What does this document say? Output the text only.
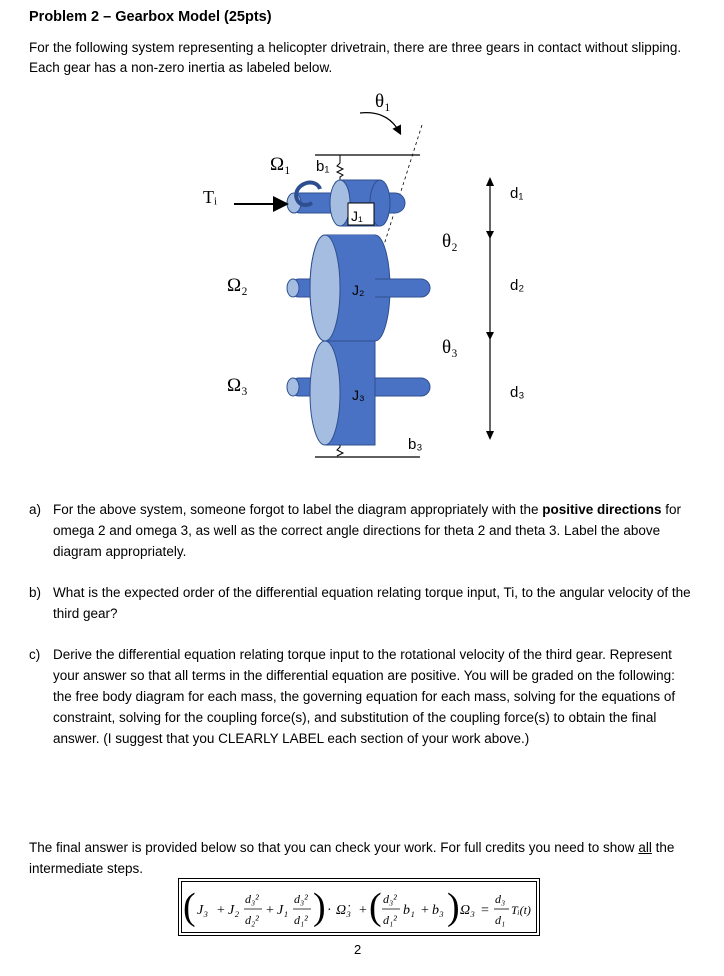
Problem 2 – Gearbox Model (25pts)
For the following system representing a helicopter drivetrain, there are three gears in contact without slipping. Each gear has a non-zero inertia as labeled below.
θ₁
b₁
J₁
Ω₁
Tᵢ
J₂
Ω₂
J₃
Ω₃
b₃
θ₂
θ₃
d₁
d₂
d₃
a) For the above system, someone forgot to label the diagram appropriately with the positive directions for omega 2 and omega 3, as well as the correct angle directions for theta 2 and theta 3. Label the above diagram appropriately.
b) What is the expected order of the differential equation relating torque input, Ti, to the angular velocity of the third gear?
c) Derive the differential equation relating torque input to the rotational velocity of the third gear. Represent your answer so that all terms in the differential equation are positive. You will be graded on the following: the free body diagram for each mass, the governing equation for each mass, solving for the equations of constraint, solving for the coupling force(s), and substitution of the coupling force(s) to obtain the final answer. (I suggest that you CLEARLY LABEL each section of your work above.)
The final answer is provided below so that you can check your work. For full credits you need to show all the intermediate steps.
( J₃ + J₂
d₃²
d₂²
+ J₁
d₃²
d₁² ) · Ω̇₃ + ( d₃²
d₁²
b₁ + b₃ ) Ω₃ =
d₃
d₁
Tᵢ(t)
2
